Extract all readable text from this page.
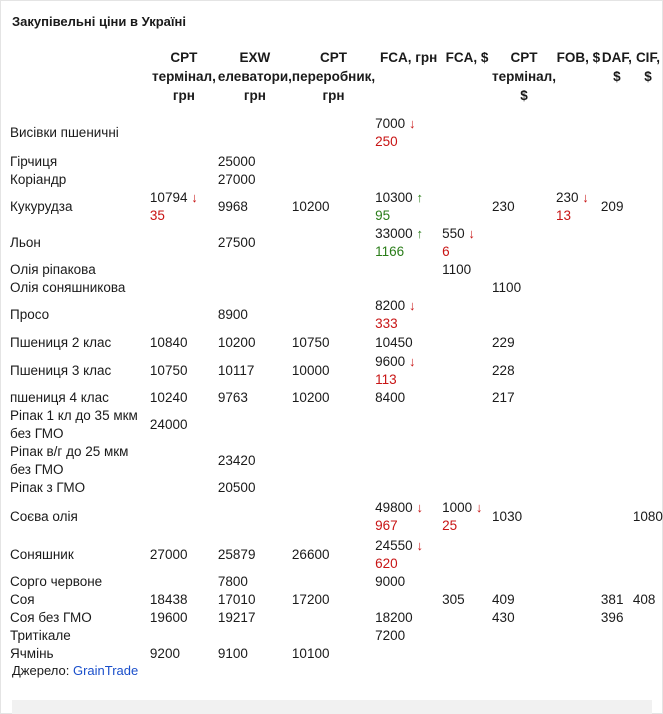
Закупівельні ціни в Україні
	CPT термінал, грн	EXW елеватори, грн	CPT переробник, грн	FCA, грн	FCA, $	CPT термінал, $	FOB, $	DAF, $	CIF, $
Висівки пшеничні				7000 ↓
250					
Гірчиця		25000							
Коріандр		27000							
Кукурудза	10794 ↓
35	9968	10200	10300 ↑
95		230	230 ↓
13	209	
Льон		27500		33000 ↑
1166	550 ↓
6				
Олія ріпакова					1100				
Олія соняшникова						1100			
Просо		8900		8200 ↓
333					
Пшениця 2 клас	10840	10200	10750	10450		229			
Пшениця 3 клас	10750	10117	10000	9600 ↓
113		228			
пшениця 4 клас	10240	9763	10200	8400		217			
Ріпак 1 кл до 35 мкм без ГМО	24000								
Ріпак в/г до 25 мкм без ГМО		23420							
Ріпак з ГМО		20500							
Соєва олія				49800 ↓
967	1000 ↓
25	1030			1080
Соняшник	27000	25879	26600	24550 ↓
620					
Сорго червоне		7800		9000					
Соя	18438	17010	17200		305	409		381	408
Соя без ГМО	19600	19217		18200		430		396	
Тритікале				7200					
Ячмінь	9200	9100	10100						
Джерело: GrainTrade
